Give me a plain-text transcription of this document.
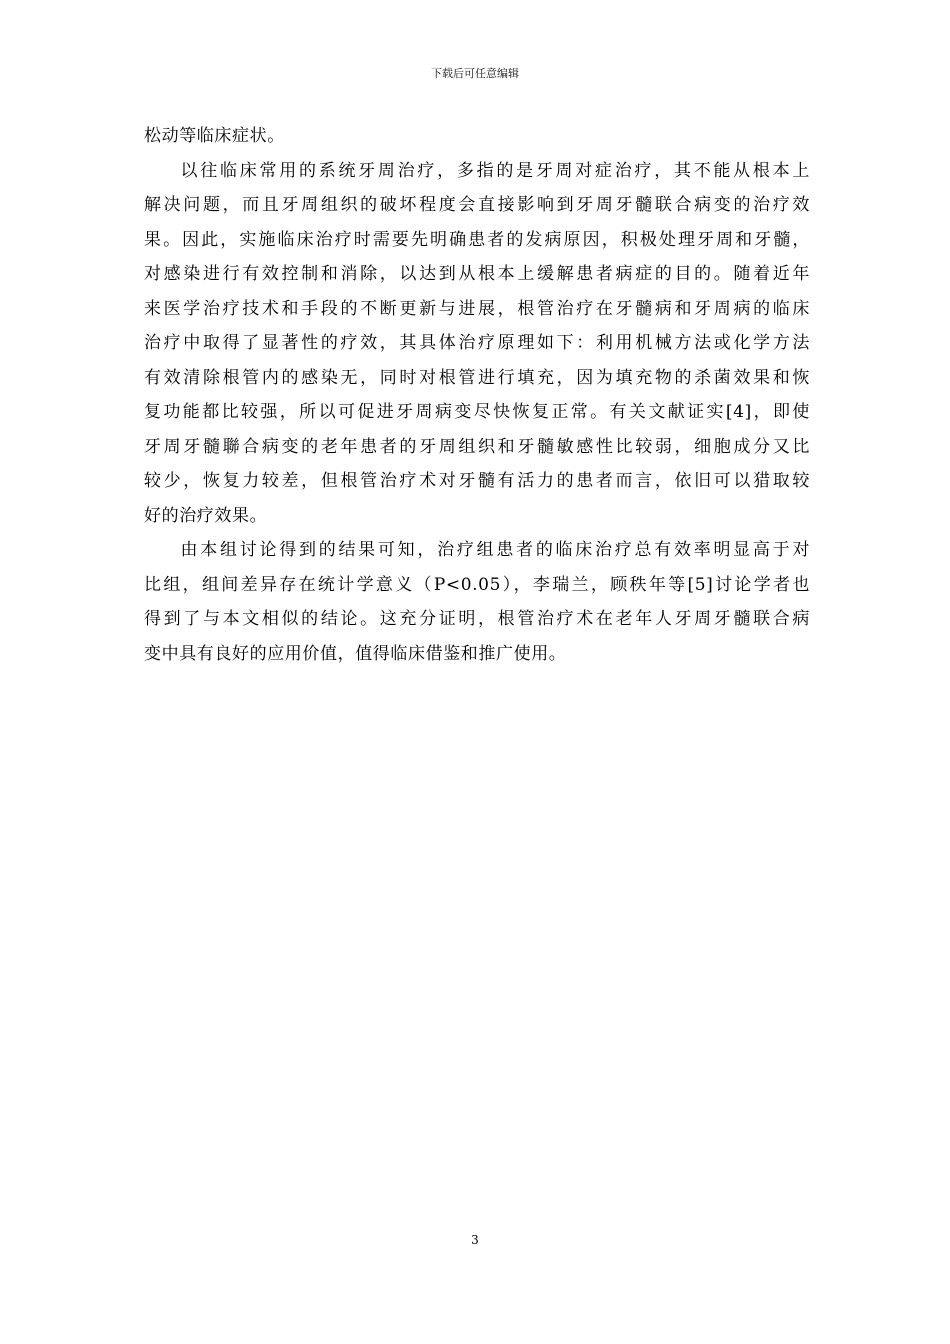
下载后可任意编辑

松动等临床症状。

以往临床常用的系统牙周治疗，多指的是牙周对症治疗，其不能从根本上
解决问题，而且牙周组织的破坏程度会直接影响到牙周牙髓联合病变的治疗效
果。因此，实施临床治疗时需要先明确患者的发病原因，积极处理牙周和牙髓，
对感染进行有效控制和消除，以达到从根本上缓解患者病症的目的。随着近年
来医学治疗技术和手段的不断更新与进展，根管治疗在牙髓病和牙周病的临床
治疗中取得了显著性的疗效，其具体治疗原理如下：利用机械方法或化学方法
有效清除根管内的感染无，同时对根管进行填充，因为填充物的杀菌效果和恢
复功能都比较强，所以可促进牙周病变尽快恢复正常。有关文献证实[4]，即使
牙周牙髓聯合病变的老年患者的牙周组织和牙髓敏感性比较弱，细胞成分又比
较少，恢复力较差，但根管治疗术对牙髓有活力的患者而言，依旧可以猎取较
好的治疗效果。

由本组讨论得到的结果可知，治疗组患者的临床治疗总有效率明显高于对
比组，组间差异存在统计学意义（P<0.05），李瑞兰，顾秩年等[5]讨论学者也
得到了与本文相似的结论。这充分证明，根管治疗术在老年人牙周牙髓联合病
变中具有良好的应用价值，值得临床借鉴和推广使用。

3
